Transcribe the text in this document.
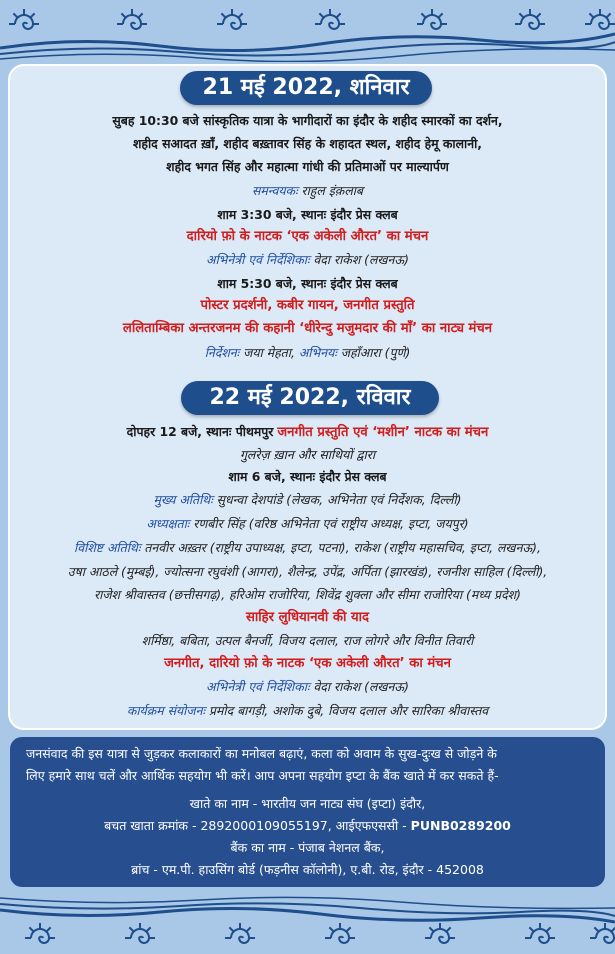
21 मई 2022, शनिवार
सुबह 10:30 बजे सांस्कृतिक यात्रा के भागीदारों का इंदौर के शहीद स्मारकों का दर्शन,
शहीद सआदत ख़ाँ, शहीद बख़्तावर सिंह के शहादत स्थल, शहीद हेमू कालानी,
शहीद भगत सिंह और महात्मा गांधी की प्रतिमाओं पर माल्यार्पण
समन्वयकः राहुल इंक़लाब
शाम 3:30 बजे, स्थानः इंदौर प्रेस क्लब
दारियो फ़ो के नाटक ‘एक अकेली औरत’ का मंचन
अभिनेत्री एवं निर्देशिकाः वेदा राकेश (लखनऊ)
शाम 5:30 बजे, स्थानः इंदौर प्रेस क्लब
पोस्टर प्रदर्शनी, कबीर गायन, जनगीत प्रस्तुति
ललिताम्बिका अन्तरजनम की कहानी ‘धीरेन्दु मजुमदार की माँ’ का नाट्य मंचन
निर्देशनः जया मेहता, अभिनयः जहाँआरा (पुणे)
22 मई 2022, रविवार
दोपहर 12 बजे, स्थानः पीथमपुर जनगीत प्रस्तुति एवं ‘मशीन’ नाटक का मंचन
गुलरेज़ ख़ान और साथियों द्वारा
शाम 6 बजे, स्थानः इंदौर प्रेस क्लब
मुख्य अतिथिः सुधन्वा देशपांडे (लेखक, अभिनेता एवं निर्देशक, दिल्ली)
अध्यक्षताः रणबीर सिंह (वरिष्ठ अभिनेता एवं राष्ट्रीय अध्यक्ष, इप्टा, जयपुर)
विशिष्ट अतिथिः तनवीर अख़्तर (राष्ट्रीय उपाध्यक्ष, इप्टा, पटना), राकेश (राष्ट्रीय महासचिव, इप्टा, लखनऊ),
उषा आठले (मुम्बई), ज्योत्सना रघुवंशी (आगरा), शैलेन्द्र, उपेंद्र, अर्पिता (झारखंड), रजनीश साहिल (दिल्ली),
राजेश श्रीवास्तव (छत्तीसगढ़), हरिओम राजोरिया, शिवेंद्र शुक्ला और सीमा राजोरिया (मध्य प्रदेश)
साहिर लुधियानवी की याद
शर्मिष्ठा, बबिता, उत्पल बैनर्जी, विजय दलाल, राज लोगरे और विनीत तिवारी
जनगीत, दारियो फ़ो के नाटक ‘एक अकेली औरत’ का मंचन
अभिनेत्री एवं निर्देशिकाः वेदा राकेश (लखनऊ)
कार्यक्रम संयोजनः प्रमोद बागड़ी, अशोक दुबे, विजय दलाल और सारिका श्रीवास्तव
जनसंवाद की इस यात्रा से जुड़कर कलाकारों का मनोबल बढ़ाएं, कला को अवाम के सुख-दुःख से जोड़ने के
लिए हमारे साथ चलें और आर्थिक सहयोग भी करें। आप अपना सहयोग इप्टा के बैंक खाते में कर सकते हैं-
खाते का नाम - भारतीय जन नाट्य संघ (इप्टा) इंदौर,
बचत खाता क्रमांक - 2892000109055197, आईएफएससी - PUNB0289200
बैंक का नाम - पंजाब नेशनल बैंक,
ब्रांच - एम.पी. हाउसिंग बोर्ड (फड़नीस कॉलोनी), ए.बी. रोड, इंदौर - 452008
